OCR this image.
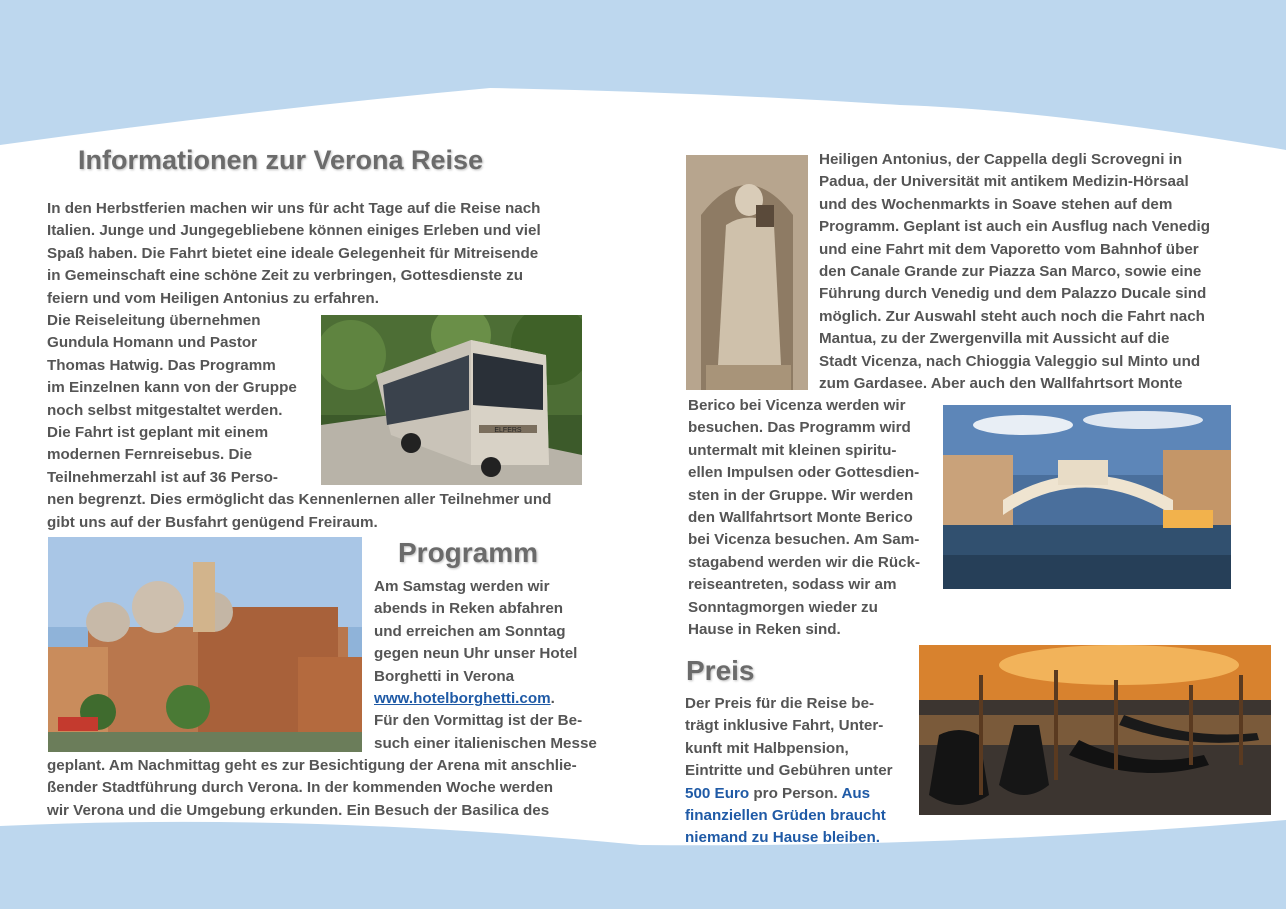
Informationen zur Verona Reise
In den Herbstferien machen wir uns für acht Tage auf die Reise nach
Italien. Junge und Jungegebliebene können einiges Erleben und viel
Spaß haben. Die Fahrt bietet eine ideale Gelegenheit für Mitreisende
in Gemeinschaft eine schöne Zeit zu verbringen, Gottesdienste zu
feiern und vom Heiligen Antonius zu erfahren.
Die Reiseleitung übernehmen
Gundula Homann und Pastor
Thomas Hatwig. Das Programm
im Einzelnen kann von der Gruppe
noch selbst mitgestaltet werden.
Die Fahrt ist geplant mit einem
modernen Fernreisebus. Die
Teilnehmerzahl ist auf 36 Perso-
nen begrenzt. Dies ermöglicht das Kennenlernen aller Teilnehmer und
gibt uns auf der Busfahrt genügend Freiraum.
ELFERS
Programm
Am Samstag werden wir
abends in Reken abfahren
und erreichen am Sonntag
gegen neun Uhr unser Hotel
Borghetti in Verona
www.hotelborghetti.com.
Für den Vormittag ist der Be-
such einer italienischen Messe
geplant. Am Nachmittag geht es zur Besichtigung der Arena mit anschlie-
ßender Stadtführung durch Verona. In der kommenden Woche werden
wir Verona und die Umgebung erkunden. Ein Besuch der Basilica des
Heiligen Antonius, der Cappella degli Scrovegni in
Padua, der Universität mit antikem Medizin-Hörsaal
und des Wochenmarkts in Soave stehen auf dem
Programm. Geplant ist auch ein Ausflug nach Venedig
und eine Fahrt mit dem Vaporetto vom Bahnhof über
den Canale Grande zur Piazza San Marco, sowie eine
Führung durch Venedig und dem Palazzo Ducale sind
möglich. Zur Auswahl steht auch noch die Fahrt nach
Mantua, zu der Zwergenvilla mit Aussicht auf die
Stadt Vicenza, nach Chioggia Valeggio sul Minto und
zum Gardasee. Aber auch den Wallfahrtsort Monte
Berico bei Vicenza werden wir
besuchen. Das Programm wird
untermalt mit kleinen spiritu-
ellen Impulsen oder Gottesdien-
sten in der Gruppe. Wir werden
den Wallfahrtsort Monte Berico
bei Vicenza besuchen. Am Sam-
stagabend werden wir die Rück-
reiseantreten, sodass wir am
Sonntagmorgen wieder zu
Hause in Reken sind.
Preis
Der Preis für die Reise be-
trägt inklusive Fahrt, Unter-
kunft mit Halbpension,
Eintritte und Gebühren unter
500 Euro pro Person. Aus
finanziellen Grüden braucht
niemand zu Hause bleiben.
